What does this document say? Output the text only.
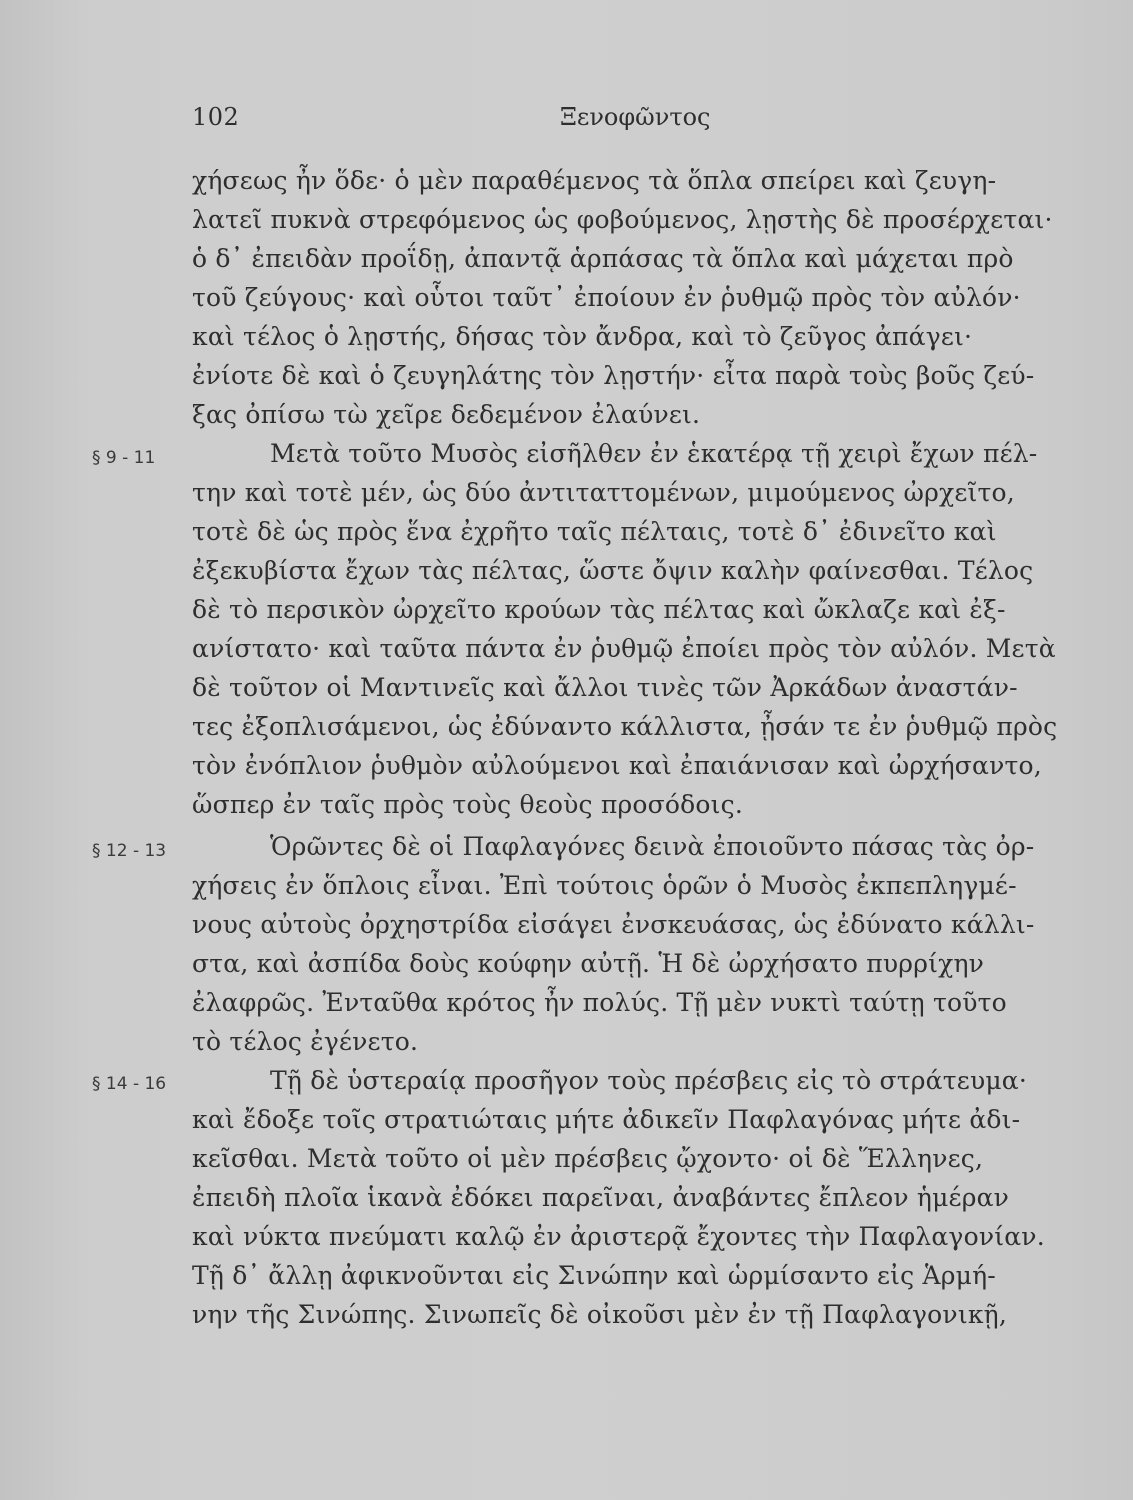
102	Ξενοφῶντος
§ 9 - 11
§ 12 - 13
§ 14 - 16
χήσεως ἦν ὅδε· ὁ μὲν παραθέμενος τὰ ὅπλα σπείρει καὶ ζευγη-
λατεῖ πυκνὰ στρεφόμενος ὡς φοβούμενος, λῃστὴς δὲ προσέρχεται·
ὁ δ᾽ ἐπειδὰν προΐδῃ, ἀπαντᾷ ἁρπάσας τὰ ὅπλα καὶ μάχεται πρὸ
τοῦ ζεύγους· καὶ οὗτοι ταῦτ᾽ ἐποίουν ἐν ῥυθμῷ πρὸς τὸν αὐλόν·
καὶ τέλος ὁ λῃστής, δήσας τὸν ἄνδρα, καὶ τὸ ζεῦγος ἀπάγει·
ἐνίοτε δὲ καὶ ὁ ζευγηλάτης τὸν λῃστήν· εἶτα παρὰ τοὺς βοῦς ζεύ-
ξας ὀπίσω τὼ χεῖρε δεδεμένον ἐλαύνει.
Μετὰ τοῦτο Μυσὸς εἰσῆλθεν ἐν ἑκατέρᾳ τῇ χειρὶ ἔχων πέλ-
την καὶ τοτὲ μέν, ὡς δύο ἀντιταττομένων, μιμούμενος ὠρχεῖτο,
τοτὲ δὲ ὡς πρὸς ἕνα ἐχρῆτο ταῖς πέλταις, τοτὲ δ᾽ ἐδινεῖτο καὶ
ἐξεκυβίστα ἔχων τὰς πέλτας, ὥστε ὄψιν καλὴν φαίνεσθαι. Τέλος
δὲ τὸ περσικὸν ὠρχεῖτο κρούων τὰς πέλτας καὶ ὤκλαζε καὶ ἐξ-
ανίστατο· καὶ ταῦτα πάντα ἐν ῥυθμῷ ἐποίει πρὸς τὸν αὐλόν. Μετὰ
δὲ τοῦτον οἱ Μαντινεῖς καὶ ἄλλοι τινὲς τῶν Ἀρκάδων ἀναστάν-
τες ἐξοπλισάμενοι, ὡς ἐδύναντο κάλλιστα, ᾖσάν τε ἐν ῥυθμῷ πρὸς
τὸν ἐνόπλιον ῥυθμὸν αὐλούμενοι καὶ ἐπαιάνισαν καὶ ὠρχήσαντο,
ὥσπερ ἐν ταῖς πρὸς τοὺς θεοὺς προσόδοις.
Ὁρῶντες δὲ οἱ Παφλαγόνες δεινὰ ἐποιοῦντο πάσας τὰς ὀρ-
χήσεις ἐν ὅπλοις εἶναι. Ἐπὶ τούτοις ὁρῶν ὁ Μυσὸς ἐκπεπληγμέ-
νους αὐτοὺς ὀρχηστρίδα εἰσάγει ἐνσκευάσας, ὡς ἐδύνατο κάλλι-
στα, καὶ ἀσπίδα δοὺς κούφην αὐτῇ. Ἡ δὲ ὠρχήσατο πυρρίχην
ἐλαφρῶς. Ἐνταῦθα κρότος ἦν πολύς. Τῇ μὲν νυκτὶ ταύτῃ τοῦτο
τὸ τέλος ἐγένετο.
Τῇ δὲ ὑστεραίᾳ προσῆγον τοὺς πρέσβεις εἰς τὸ στράτευμα·
καὶ ἔδοξε τοῖς στρατιώταις μήτε ἀδικεῖν Παφλαγόνας μήτε ἀδι-
κεῖσθαι. Μετὰ τοῦτο οἱ μὲν πρέσβεις ᾤχοντο· οἱ δὲ Ἕλληνες,
ἐπειδὴ πλοῖα ἱκανὰ ἐδόκει παρεῖναι, ἀναβάντες ἔπλεον ἡμέραν
καὶ νύκτα πνεύματι καλῷ ἐν ἀριστερᾷ ἔχοντες τὴν Παφλαγονίαν.
Τῇ δ᾽ ἄλλῃ ἀφικνοῦνται εἰς Σινώπην καὶ ὡρμίσαντο εἰς Ἁρμή-
νην τῆς Σινώπης. Σινωπεῖς δὲ οἰκοῦσι μὲν ἐν τῇ Παφλαγονικῇ,
